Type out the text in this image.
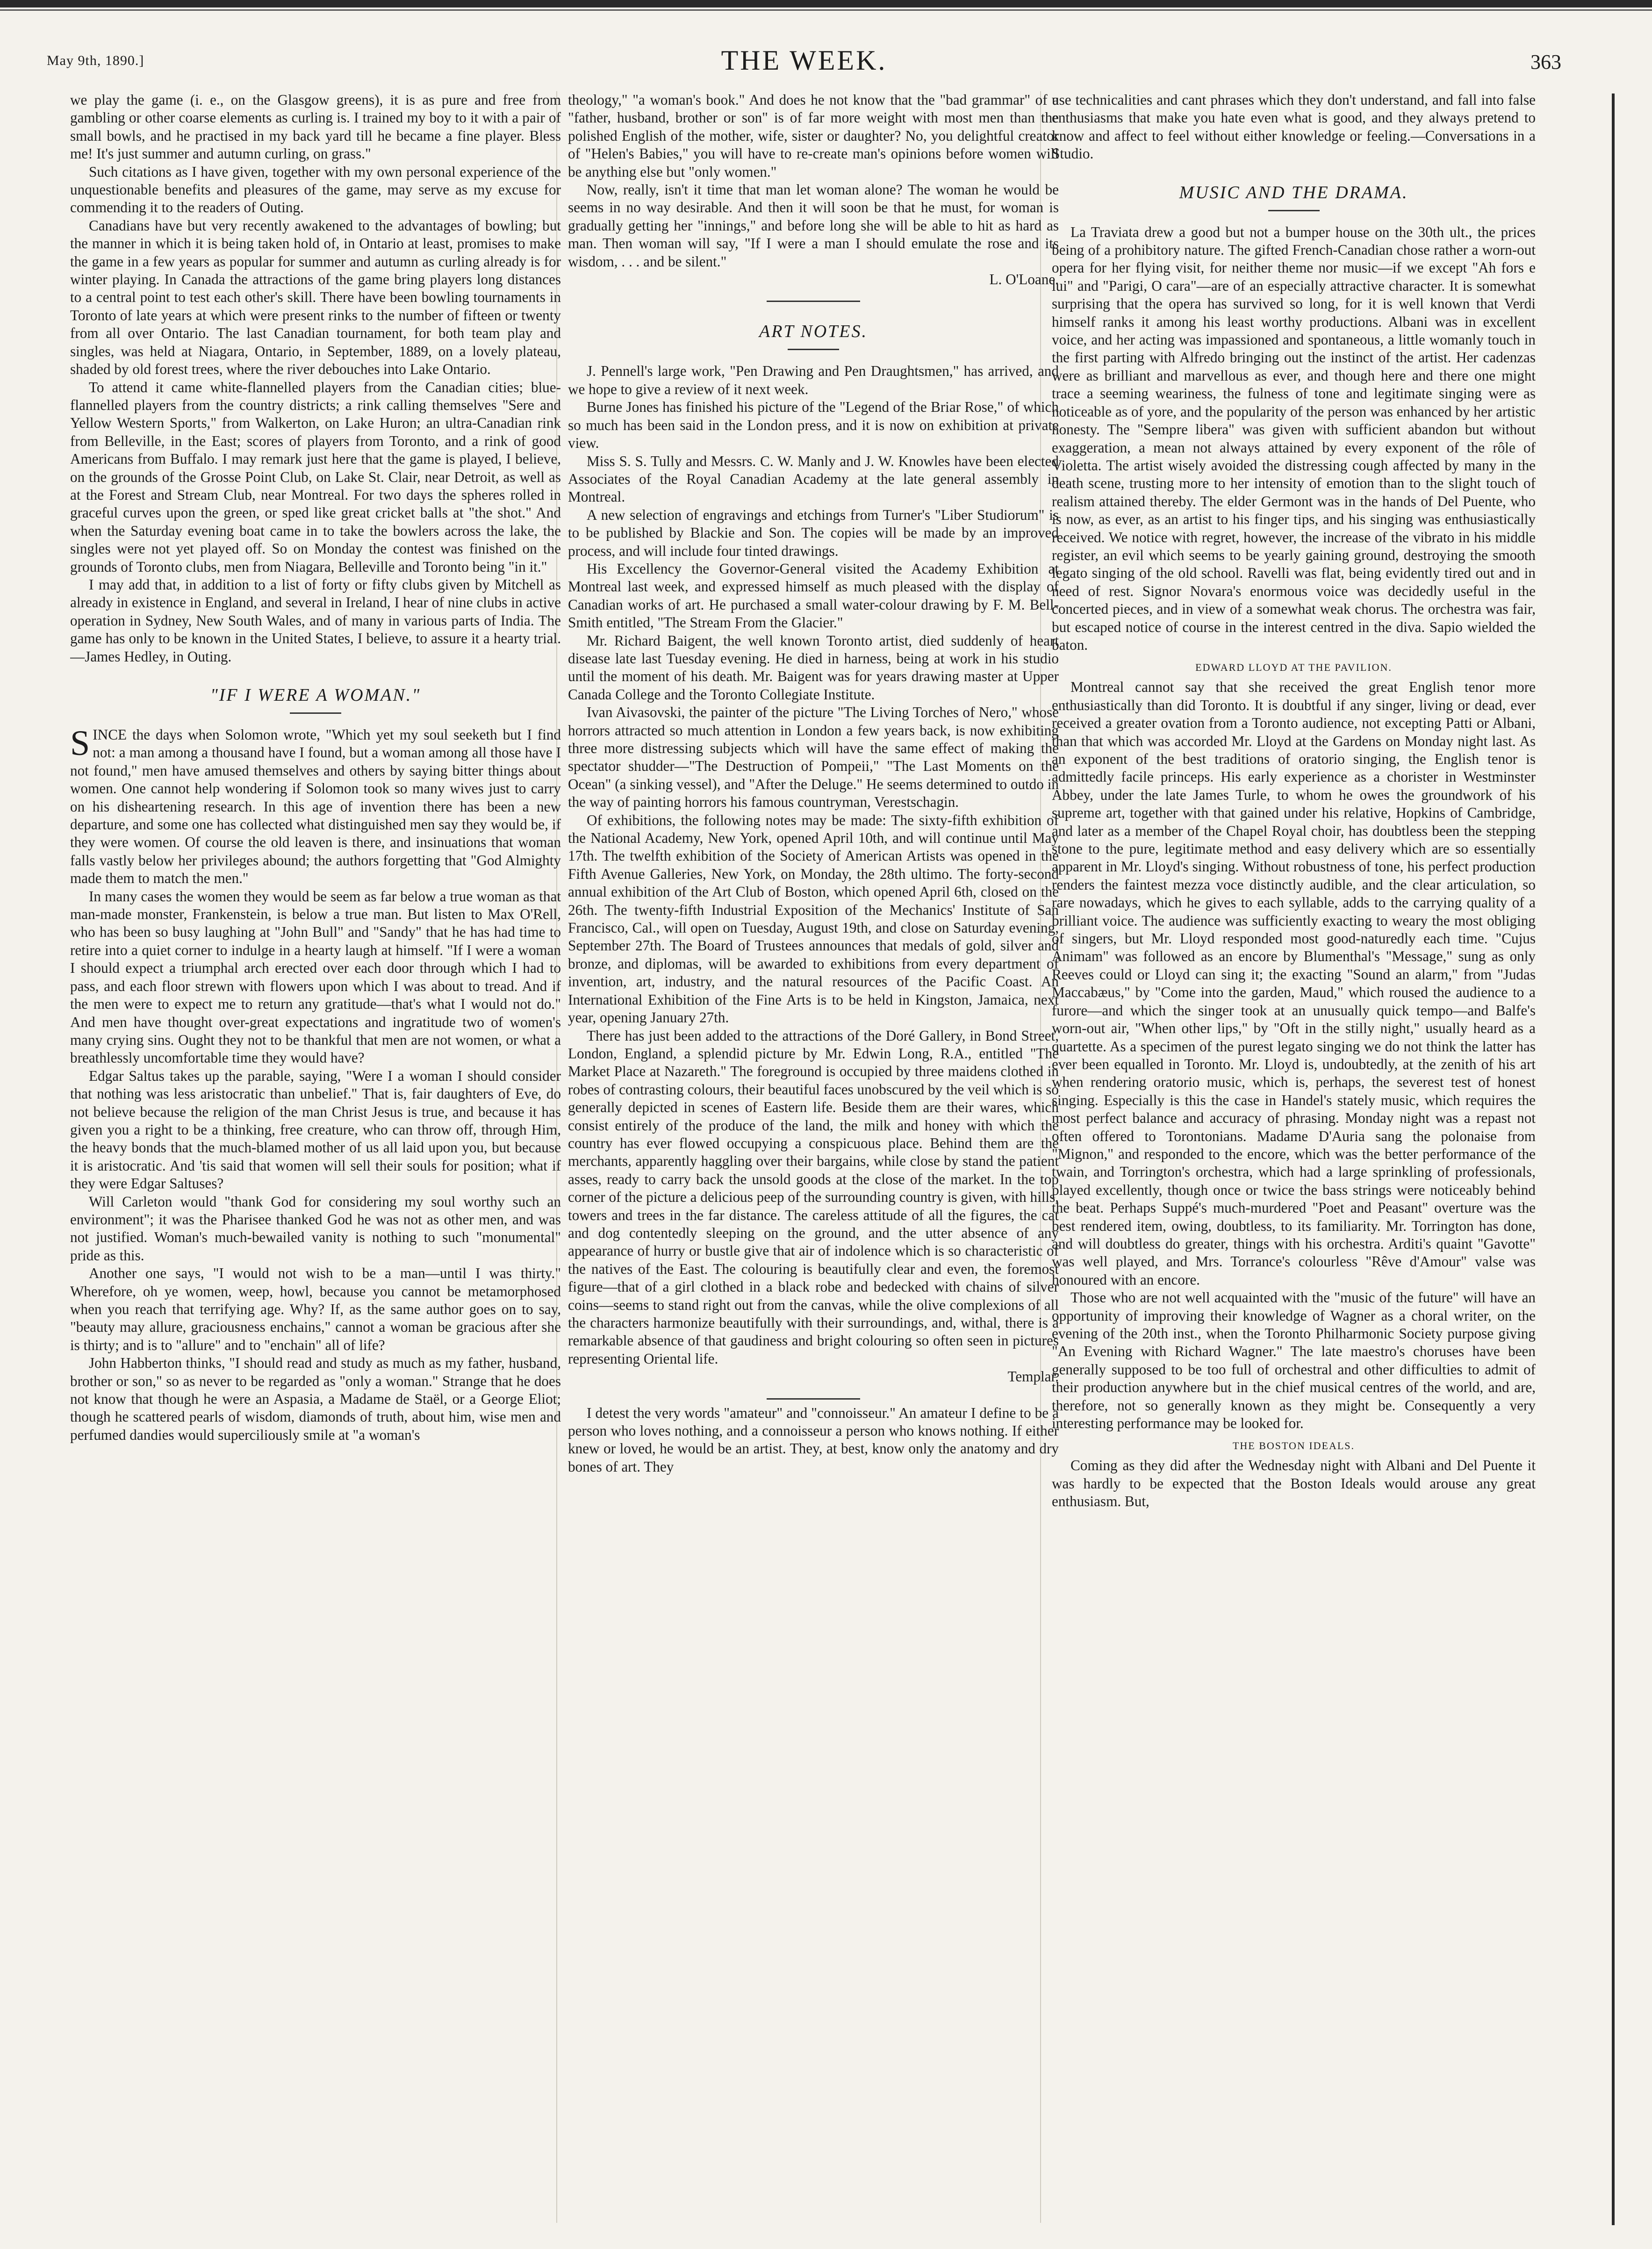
May 9th, 1890.]	THE WEEK.	363

we play the game (i. e., on the Glasgow greens), it is as pure and free from gambling or other coarse elements as curling is. I trained my boy to it with a pair of small bowls, and he practised in my back yard till he became a fine player. Bless me! It's just summer and autumn curling, on grass."

Such citations as I have given, together with my own personal experience of the unquestionable benefits and pleasures of the game, may serve as my excuse for commending it to the readers of Outing.

Canadians have but very recently awakened to the advantages of bowling; but the manner in which it is being taken hold of, in Ontario at least, promises to make the game in a few years as popular for summer and autumn as curling already is for winter playing. In Canada the attractions of the game bring players long distances to a central point to test each other's skill. There have been bowling tournaments in Toronto of late years at which were present rinks to the number of fifteen or twenty from all over Ontario. The last Canadian tournament, for both team play and singles, was held at Niagara, Ontario, in September, 1889, on a lovely plateau, shaded by old forest trees, where the river debouches into Lake Ontario.

To attend it came white-flannelled players from the Canadian cities; blue-flannelled players from the country districts; a rink calling themselves "Sere and Yellow Western Sports," from Walkerton, on Lake Huron; an ultra-Canadian rink from Belleville, in the East; scores of players from Toronto, and a rink of good Americans from Buffalo. I may remark just here that the game is played, I believe, on the grounds of the Grosse Point Club, on Lake St. Clair, near Detroit, as well as at the Forest and Stream Club, near Montreal. For two days the spheres rolled in graceful curves upon the green, or sped like great cricket balls at "the shot." And when the Saturday evening boat came in to take the bowlers across the lake, the singles were not yet played off. So on Monday the contest was finished on the grounds of Toronto clubs, men from Niagara, Belleville and Toronto being "in it."

I may add that, in addition to a list of forty or fifty clubs given by Mitchell as already in existence in England, and several in Ireland, I hear of nine clubs in active operation in Sydney, New South Wales, and of many in various parts of India. The game has only to be known in the United States, I believe, to assure it a hearty trial. —James Hedley, in Outing.

"IF I WERE A WOMAN."

SINCE the days when Solomon wrote, "Which yet my soul seeketh but I find not: a man among a thousand have I found, but a woman among all those have I not found," men have amused themselves and others by saying bitter things about women. One cannot help wondering if Solomon took so many wives just to carry on his disheartening research. In this age of invention there has been a new departure, and some one has collected what distinguished men say they would be, if they were women. Of course the old leaven is there, and insinuations that woman falls vastly below her privileges abound; the authors forgetting that "God Almighty made them to match the men."

In many cases the women they would be seem as far below a true woman as that man-made monster, Frankenstein, is below a true man. But listen to Max O'Rell, who has been so busy laughing at "John Bull" and "Sandy" that he has had time to retire into a quiet corner to indulge in a hearty laugh at himself. "If I were a woman I should expect a triumphal arch erected over each door through which I had to pass, and each floor strewn with flowers upon which I was about to tread. And if the men were to expect me to return any gratitude—that's what I would not do." And men have thought over-great expectations and ingratitude two of women's many crying sins. Ought they not to be thankful that men are not women, or what a breathlessly uncomfortable time they would have?

Edgar Saltus takes up the parable, saying, "Were I a woman I should consider that nothing was less aristocratic than unbelief." That is, fair daughters of Eve, do not believe because the religion of the man Christ Jesus is true, and because it has given you a right to be a thinking, free creature, who can throw off, through Him, the heavy bonds that the much-blamed mother of us all laid upon you, but because it is aristocratic. And 'tis said that women will sell their souls for position; what if they were Edgar Saltuses?

Will Carleton would "thank God for considering my soul worthy such an environment"; it was the Pharisee thanked God he was not as other men, and was not justified. Woman's much-bewailed vanity is nothing to such "monumental" pride as this.

Another one says, "I would not wish to be a man—until I was thirty." Wherefore, oh ye women, weep, howl, because you cannot be metamorphosed when you reach that terrifying age. Why? If, as the same author goes on to say, "beauty may allure, graciousness enchains," cannot a woman be gracious after she is thirty; and is to "allure" and to "enchain" all of life?

John Habberton thinks, "I should read and study as much as my father, husband, brother or son," so as never to be regarded as "only a woman." Strange that he does not know that though he were an Aspasia, a Madame de Staël, or a George Eliot; though he scattered pearls of wisdom, diamonds of truth, about him, wise men and perfumed dandies would superciliously smile at "a woman's

theology," "a woman's book." And does he not know that the "bad grammar" of a "father, husband, brother or son" is of far more weight with most men than the polished English of the mother, wife, sister or daughter? No, you delightful creator of "Helen's Babies," you will have to re-create man's opinions before women will be anything else but "only women."

Now, really, isn't it time that man let woman alone? The woman he would be seems in no way desirable. And then it will soon be that he must, for woman is gradually getting her "innings," and before long she will be able to hit as hard as man. Then woman will say, "If I were a man I should emulate the rose and its wisdom, . . . and be silent."

L. O'Loane.

ART NOTES.

J. Pennell's large work, "Pen Drawing and Pen Draughtsmen," has arrived, and we hope to give a review of it next week.

Burne Jones has finished his picture of the "Legend of the Briar Rose," of which so much has been said in the London press, and it is now on exhibition at private view.

Miss S. S. Tully and Messrs. C. W. Manly and J. W. Knowles have been elected Associates of the Royal Canadian Academy at the late general assembly in Montreal.

A new selection of engravings and etchings from Turner's "Liber Studiorum" is to be published by Blackie and Son. The copies will be made by an improved process, and will include four tinted drawings.

His Excellency the Governor-General visited the Academy Exhibition at Montreal last week, and expressed himself as much pleased with the display of Canadian works of art. He purchased a small water-colour drawing by F. M. Bell-Smith entitled, "The Stream From the Glacier."

Mr. Richard Baigent, the well known Toronto artist, died suddenly of heart disease late last Tuesday evening. He died in harness, being at work in his studio until the moment of his death. Mr. Baigent was for years drawing master at Upper Canada College and the Toronto Collegiate Institute.

Ivan Aivasovski, the painter of the picture "The Living Torches of Nero," whose horrors attracted so much attention in London a few years back, is now exhibiting three more distressing subjects which will have the same effect of making the spectator shudder—"The Destruction of Pompeii," "The Last Moments on the Ocean" (a sinking vessel), and "After the Deluge." He seems determined to outdo in the way of painting horrors his famous countryman, Verestschagin.

Of exhibitions, the following notes may be made: The sixty-fifth exhibition of the National Academy, New York, opened April 10th, and will continue until May 17th. The twelfth exhibition of the Society of American Artists was opened in the Fifth Avenue Galleries, New York, on Monday, the 28th ultimo. The forty-second annual exhibition of the Art Club of Boston, which opened April 6th, closed on the 26th. The twenty-fifth Industrial Exposition of the Mechanics' Institute of San Francisco, Cal., will open on Tuesday, August 19th, and close on Saturday evening, September 27th. The Board of Trustees announces that medals of gold, silver and bronze, and diplomas, will be awarded to exhibitions from every department of invention, art, industry, and the natural resources of the Pacific Coast. An International Exhibition of the Fine Arts is to be held in Kingston, Jamaica, next year, opening January 27th.

There has just been added to the attractions of the Doré Gallery, in Bond Street, London, England, a splendid picture by Mr. Edwin Long, R.A., entitled "The Market Place at Nazareth." The foreground is occupied by three maidens clothed in robes of contrasting colours, their beautiful faces unobscured by the veil which is so generally depicted in scenes of Eastern life. Beside them are their wares, which consist entirely of the produce of the land, the milk and honey with which the country has ever flowed occupying a conspicuous place. Behind them are the merchants, apparently haggling over their bargains, while close by stand the patient asses, ready to carry back the unsold goods at the close of the market. In the top corner of the picture a delicious peep of the surrounding country is given, with hills, towers and trees in the far distance. The careless attitude of all the figures, the cat and dog contentedly sleeping on the ground, and the utter absence of any appearance of hurry or bustle give that air of indolence which is so characteristic of the natives of the East. The colouring is beautifully clear and even, the foremost figure—that of a girl clothed in a black robe and bedecked with chains of silver coins—seems to stand right out from the canvas, while the olive complexions of all the characters harmonize beautifully with their surroundings, and, withal, there is a remarkable absence of that gaudiness and bright colouring so often seen in pictures representing Oriental life.

Templar.

I detest the very words "amateur" and "connoisseur." An amateur I define to be a person who loves nothing, and a connoisseur a person who knows nothing. If either knew or loved, he would be an artist. They, at best, know only the anatomy and dry bones of art. They

use technicalities and cant phrases which they don't understand, and fall into false enthusiasms that make you hate even what is good, and they always pretend to know and affect to feel without either knowledge or feeling.—Conversations in a Studio.

MUSIC AND THE DRAMA.

La Traviata drew a good but not a bumper house on the 30th ult., the prices being of a prohibitory nature. The gifted French-Canadian chose rather a worn-out opera for her flying visit, for neither theme nor music—if we except "Ah fors e lui" and "Parigi, O cara"—are of an especially attractive character. It is somewhat surprising that the opera has survived so long, for it is well known that Verdi himself ranks it among his least worthy productions. Albani was in excellent voice, and her acting was impassioned and spontaneous, a little womanly touch in the first parting with Alfredo bringing out the instinct of the artist. Her cadenzas were as brilliant and marvellous as ever, and though here and there one might trace a seeming weariness, the fulness of tone and legitimate singing were as noticeable as of yore, and the popularity of the person was enhanced by her artistic honesty. The "Sempre libera" was given with sufficient abandon but without exaggeration, a mean not always attained by every exponent of the rôle of Violetta. The artist wisely avoided the distressing cough affected by many in the death scene, trusting more to her intensity of emotion than to the slight touch of realism attained thereby. The elder Germont was in the hands of Del Puente, who is now, as ever, as an artist to his finger tips, and his singing was enthusiastically received. We notice with regret, however, the increase of the vibrato in his middle register, an evil which seems to be yearly gaining ground, destroying the smooth legato singing of the old school. Ravelli was flat, being evidently tired out and in need of rest. Signor Novara's enormous voice was decidedly useful in the concerted pieces, and in view of a somewhat weak chorus. The orchestra was fair, but escaped notice of course in the interest centred in the diva. Sapio wielded the baton.

EDWARD LLOYD AT THE PAVILION.

Montreal cannot say that she received the great English tenor more enthusiastically than did Toronto. It is doubtful if any singer, living or dead, ever received a greater ovation from a Toronto audience, not excepting Patti or Albani, than that which was accorded Mr. Lloyd at the Gardens on Monday night last. As an exponent of the best traditions of oratorio singing, the English tenor is admittedly facile princeps. His early experience as a chorister in Westminster Abbey, under the late James Turle, to whom he owes the groundwork of his supreme art, together with that gained under his relative, Hopkins of Cambridge, and later as a member of the Chapel Royal choir, has doubtless been the stepping stone to the pure, legitimate method and easy delivery which are so essentially apparent in Mr. Lloyd's singing. Without robustness of tone, his perfect production renders the faintest mezza voce distinctly audible, and the clear articulation, so rare nowadays, which he gives to each syllable, adds to the carrying quality of a brilliant voice. The audience was sufficiently exacting to weary the most obliging of singers, but Mr. Lloyd responded most good-naturedly each time. "Cujus Animam" was followed as an encore by Blumenthal's "Message," sung as only Reeves could or Lloyd can sing it; the exacting "Sound an alarm," from "Judas Maccabæus," by "Come into the garden, Maud," which roused the audience to a furore—and which the singer took at an unusually quick tempo—and Balfe's worn-out air, "When other lips," by "Oft in the stilly night," usually heard as a quartette. As a specimen of the purest legato singing we do not think the latter has ever been equalled in Toronto. Mr. Lloyd is, undoubtedly, at the zenith of his art when rendering oratorio music, which is, perhaps, the severest test of honest singing. Especially is this the case in Handel's stately music, which requires the most perfect balance and accuracy of phrasing. Monday night was a repast not often offered to Torontonians. Madame D'Auria sang the polonaise from "Mignon," and responded to the encore, which was the better performance of the twain, and Torrington's orchestra, which had a large sprinkling of professionals, played excellently, though once or twice the bass strings were noticeably behind the beat. Perhaps Suppé's much-murdered "Poet and Peasant" overture was the best rendered item, owing, doubtless, to its familiarity. Mr. Torrington has done, and will doubtless do greater, things with his orchestra. Arditi's quaint "Gavotte" was well played, and Mrs. Torrance's colourless "Rêve d'Amour" valse was honoured with an encore.

Those who are not well acquainted with the "music of the future" will have an opportunity of improving their knowledge of Wagner as a choral writer, on the evening of the 20th inst., when the Toronto Philharmonic Society purpose giving "An Evening with Richard Wagner." The late maestro's choruses have been generally supposed to be too full of orchestral and other difficulties to admit of their production anywhere but in the chief musical centres of the world, and are, therefore, not so generally known as they might be. Consequently a very interesting performance may be looked for.

THE BOSTON IDEALS.

Coming as they did after the Wednesday night with Albani and Del Puente it was hardly to be expected that the Boston Ideals would arouse any great enthusiasm. But,
